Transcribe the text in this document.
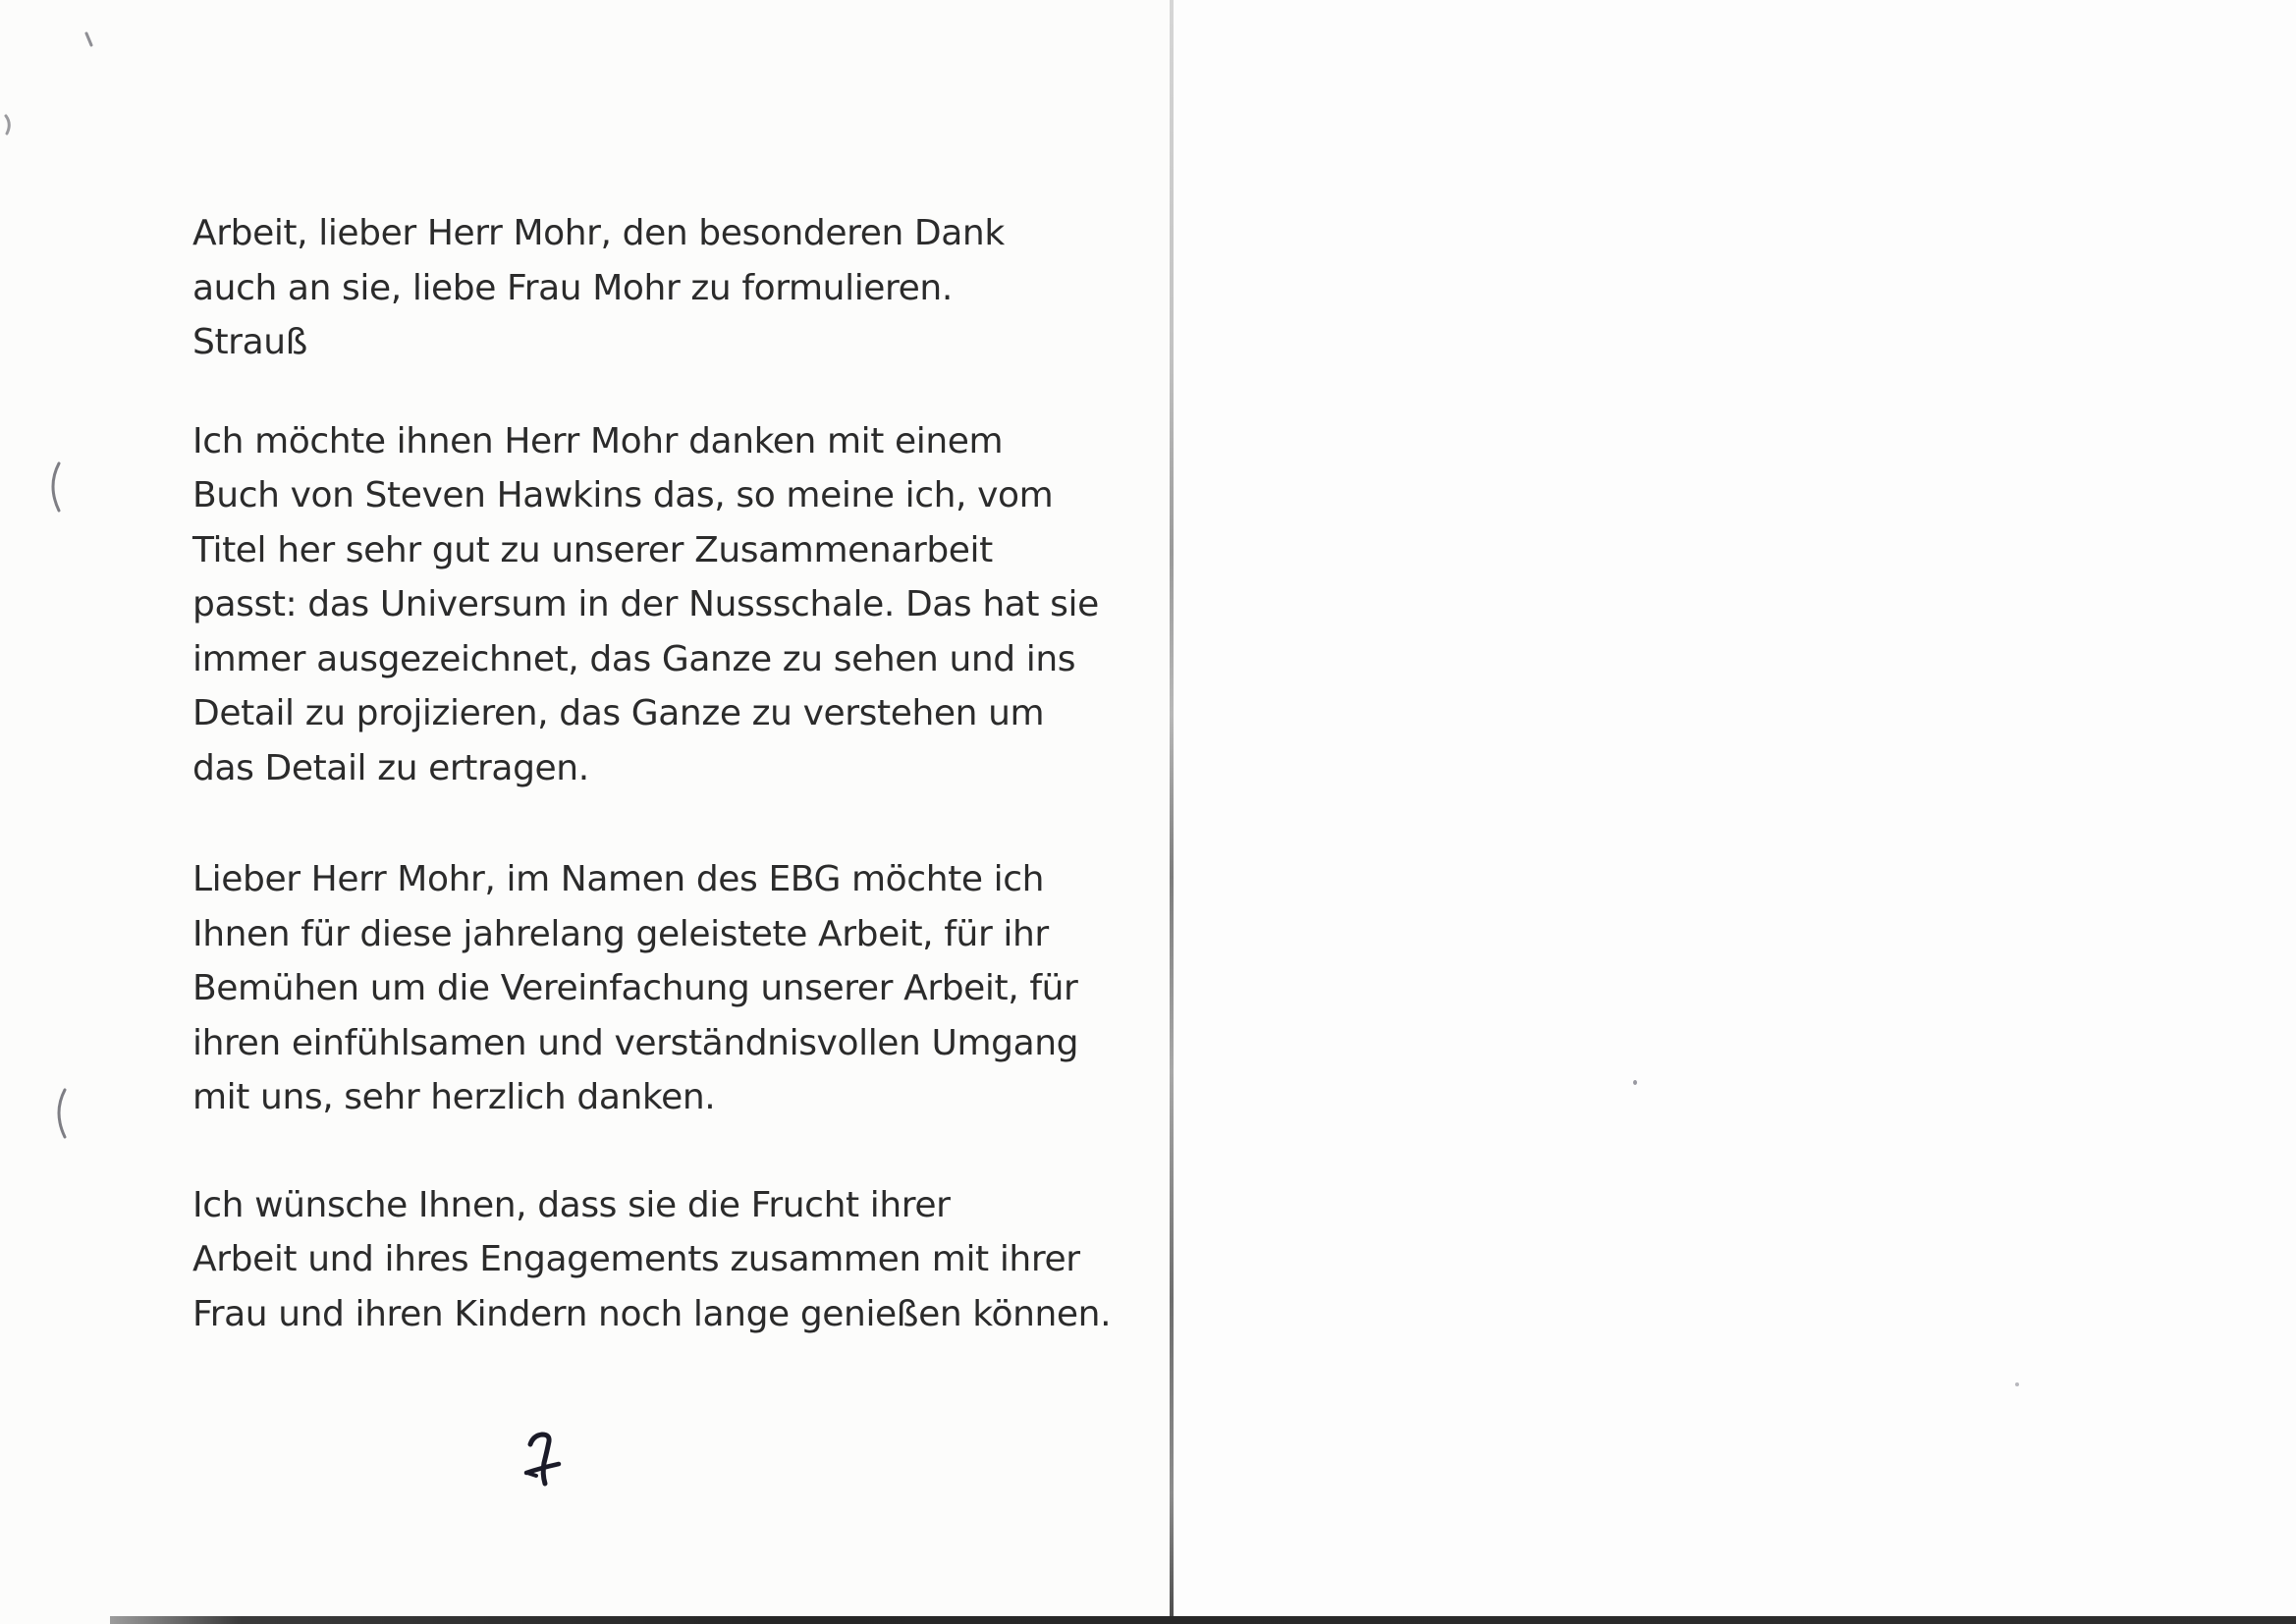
Arbeit, lieber Herr Mohr, den besonderen Dank
auch an sie, liebe Frau Mohr zu formulieren.
Strauß

Ich möchte ihnen Herr Mohr danken mit einem
Buch von Steven Hawkins das, so meine ich, vom
Titel her sehr gut zu unserer Zusammenarbeit
passt: das Universum in der Nussschale. Das hat sie
immer ausgezeichnet, das Ganze zu sehen und ins
Detail zu projizieren, das Ganze zu verstehen um
das Detail zu ertragen.

Lieber Herr Mohr, im Namen des EBG möchte ich
Ihnen für diese jahrelang geleistete Arbeit, für ihr
Bemühen um die Vereinfachung unserer Arbeit, für
ihren einfühlsamen und verständnisvollen Umgang
mit uns, sehr herzlich danken.

Ich wünsche Ihnen, dass sie die Frucht ihrer
Arbeit und ihres Engagements zusammen mit ihrer
Frau und ihren Kindern noch lange genießen können.
